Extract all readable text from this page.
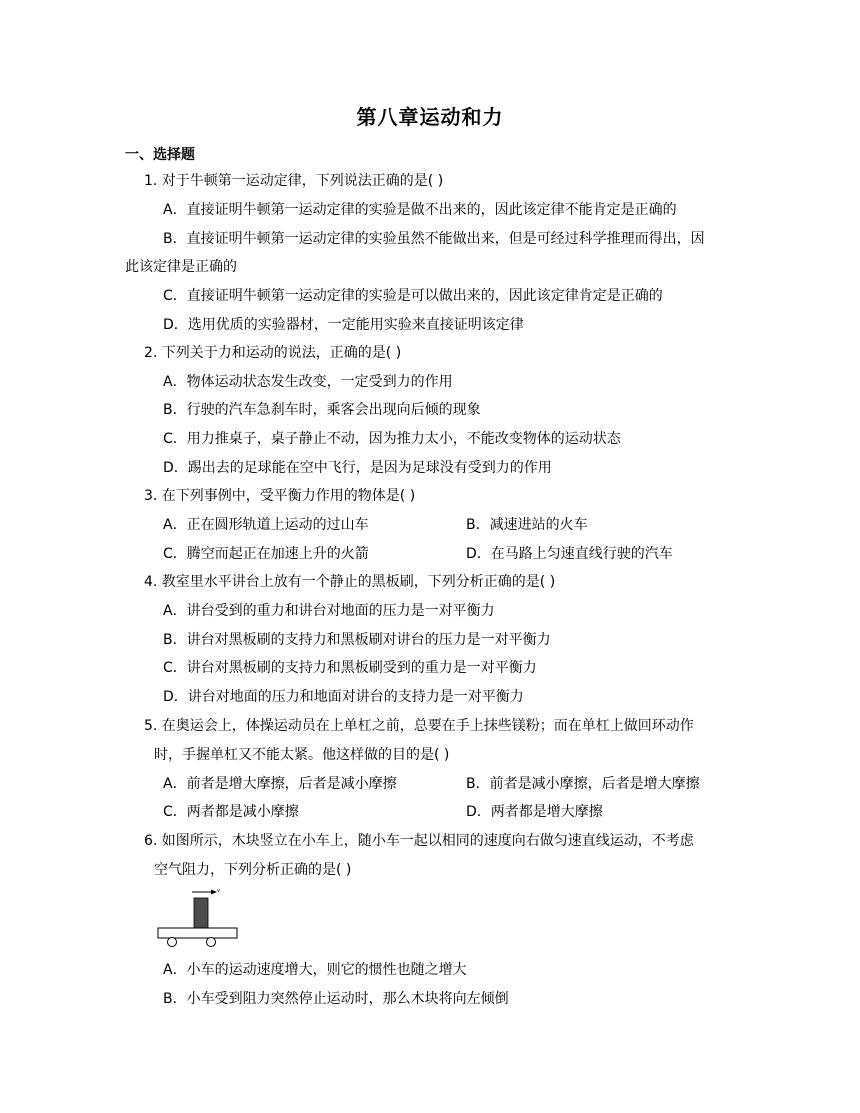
第八章运动和力
一、选择题
1. 对于牛顿第一运动定律，下列说法正确的是( )
A．直接证明牛顿第一运动定律的实验是做不出来的，因此该定律不能肯定是正确的
B．直接证明牛顿第一运动定律的实验虽然不能做出来，但是可经过科学推理而得出，因
此该定律是正确的
C．直接证明牛顿第一运动定律的实验是可以做出来的，因此该定律肯定是正确的
D．选用优质的实验器材，一定能用实验来直接证明该定律
2. 下列关于力和运动的说法，正确的是( )
A．物体运动状态发生改变，一定受到力的作用
B．行驶的汽车急刹车时，乘客会出现向后倾的现象
C．用力推桌子，桌子静止不动，因为推力太小，不能改变物体的运动状态
D．踢出去的足球能在空中飞行，是因为足球没有受到力的作用
3. 在下列事例中，受平衡力作用的物体是( )
A．正在圆形轨道上运动的过山车	B．减速进站的火车
C．腾空而起正在加速上升的火箭	D．在马路上匀速直线行驶的汽车
4. 教室里水平讲台上放有一个静止的黑板刷，下列分析正确的是( )
A．讲台受到的重力和讲台对地面的压力是一对平衡力
B．讲台对黑板刷的支持力和黑板刷对讲台的压力是一对平衡力
C．讲台对黑板刷的支持力和黑板刷受到的重力是一对平衡力
D．讲台对地面的压力和地面对讲台的支持力是一对平衡力
5. 在奥运会上，体操运动员在上单杠之前，总要在手上抹些镁粉；而在单杠上做回环动作
时，手握单杠又不能太紧。他这样做的目的是( )
A．前者是增大摩擦，后者是减小摩擦	B．前者是减小摩擦，后者是增大摩擦
C．两者都是减小摩擦	D．两者都是增大摩擦
6. 如图所示，木块竖立在小车上，随小车一起以相同的速度向右做匀速直线运动，不考虑
空气阻力，下列分析正确的是( )
v
A．小车的运动速度增大，则它的惯性也随之增大
B．小车受到阻力突然停止运动时，那么木块将向左倾倒
